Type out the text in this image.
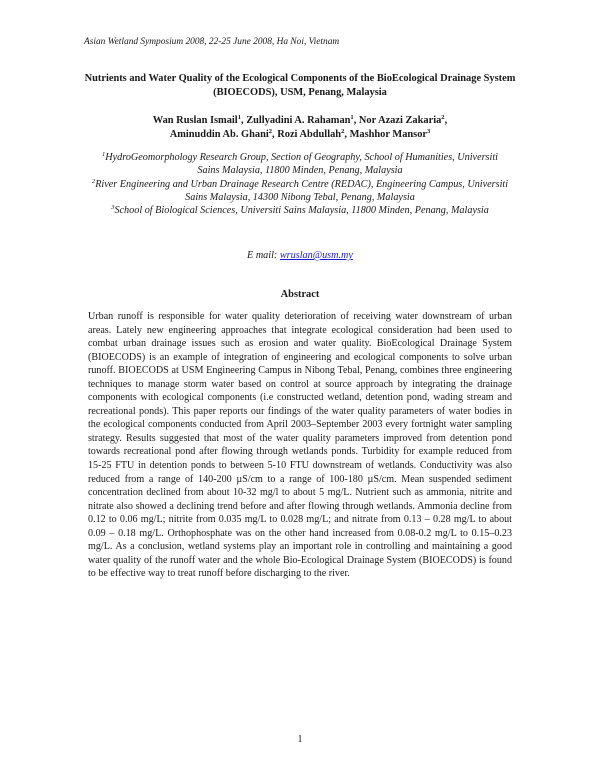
Asian Wetland Symposium 2008, 22-25 June 2008, Ha Noi, Vietnam
Nutrients and Water Quality of the Ecological Components of the BioEcological Drainage System (BIOECODS), USM, Penang, Malaysia
Wan Ruslan Ismail$^1$, Zullyadini A. Rahaman$^1$, Nor Azazi Zakaria$^2$,
Aminuddin Ab. Ghani$^2$, Rozi Abdullah$^2$, Mashhor Mansor$^3$
$^1$HydroGeomorphology Research Group, Section of Geography, School of Humanities, Universiti Sains Malaysia, 11800 Minden, Penang, Malaysia
$^2$River Engineering and Urban Drainage Research Centre (REDAC), Engineering Campus, Universiti Sains Malaysia, 14300 Nibong Tebal, Penang, Malaysia
$^3$School of Biological Sciences, Universiti Sains Malaysia, 11800 Minden, Penang, Malaysia
E mail: wruslan@usm.my
Abstract

Urban runoff is responsible for water quality deterioration of receiving water downstream of urban areas. Lately new engineering approaches that integrate ecological consideration had been used to combat urban drainage issues such as erosion and water quality. BioEcological Drainage System (BIOECODS) is an example of integration of engineering and ecological components to solve urban runoff. BIOECODS at USM Engineering Campus in Nibong Tebal, Penang, combines three engineering techniques to manage storm water based on control at source approach by integrating the drainage components with ecological components (i.e constructed wetland, detention pond, wading stream and recreational ponds). This paper reports our findings of the water quality parameters of water bodies in the ecological components conducted from April 2003–September 2003 every fortnight water sampling strategy. Results suggested that most of the water quality parameters improved from detention pond towards recreational pond after flowing through wetlands ponds. Turbidity for example reduced from 15-25 FTU in detention ponds to between 5-10 FTU downstream of wetlands. Conductivity was also reduced from a range of 140-200 µS/cm to a range of 100-180 µS/cm. Mean suspended sediment concentration declined from about 10-32 mg/l to about 5 mg/L. Nutrient such as ammonia, nitrite and nitrate also showed a declining trend before and after flowing through wetlands. Ammonia decline from 0.12 to 0.06 mg/L; nitrite from 0.035 mg/L to 0.028 mg/L; and nitrate from 0.13 – 0.28 mg/L to about 0.09 – 0.18 mg/L. Orthophosphate was on the other hand increased from 0.08-0.2 mg/L to 0.15–0.23 mg/L. As a conclusion, wetland systems play an important role in controlling and maintaining a good water quality of the runoff water and the whole Bio-Ecological Drainage System (BIOECODS) is found to be effective way to treat runoff before discharging to the river.

1
